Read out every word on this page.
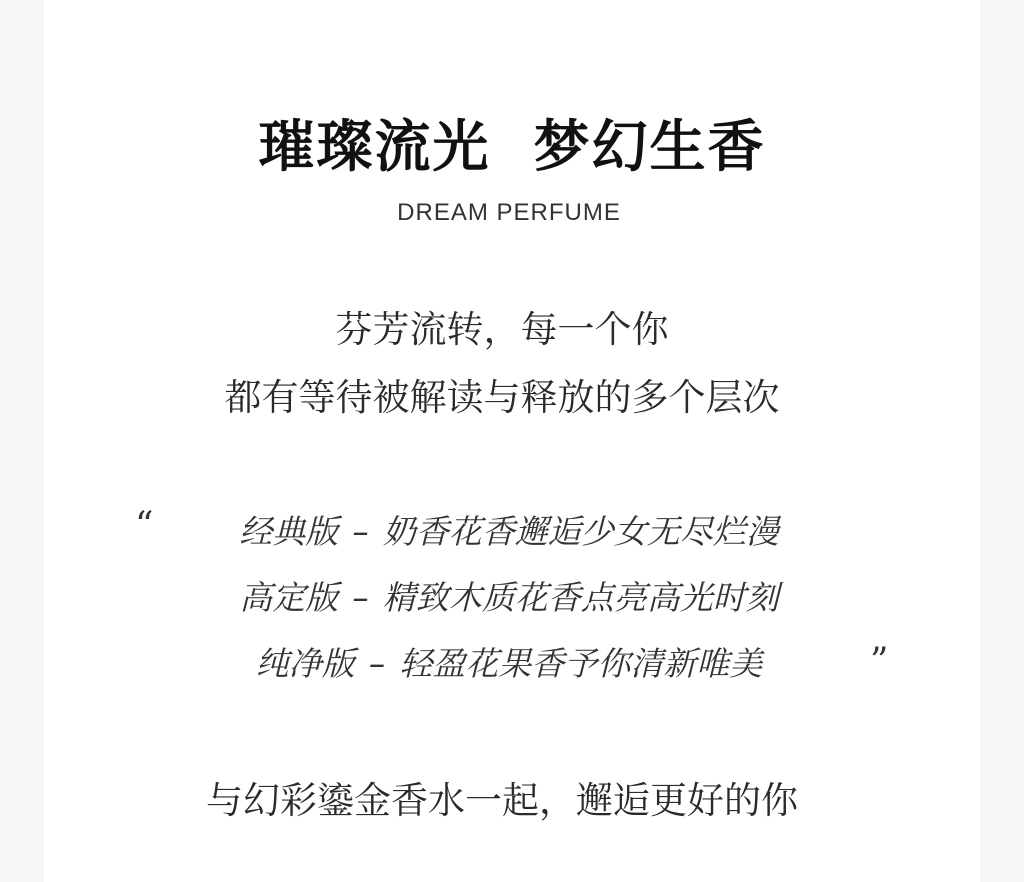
璀璨流光  梦幻生香
DREAM PERFUME
芬芳流转，每一个你
都有等待被解读与释放的多个层次
“	经典版 – 奶香花香邂逅少女无尽烂漫
高定版 – 精致木质花香点亮高光时刻
纯净版 – 轻盈花果香予你清新唯美	”
与幻彩鎏金香水一起，邂逅更好的你
